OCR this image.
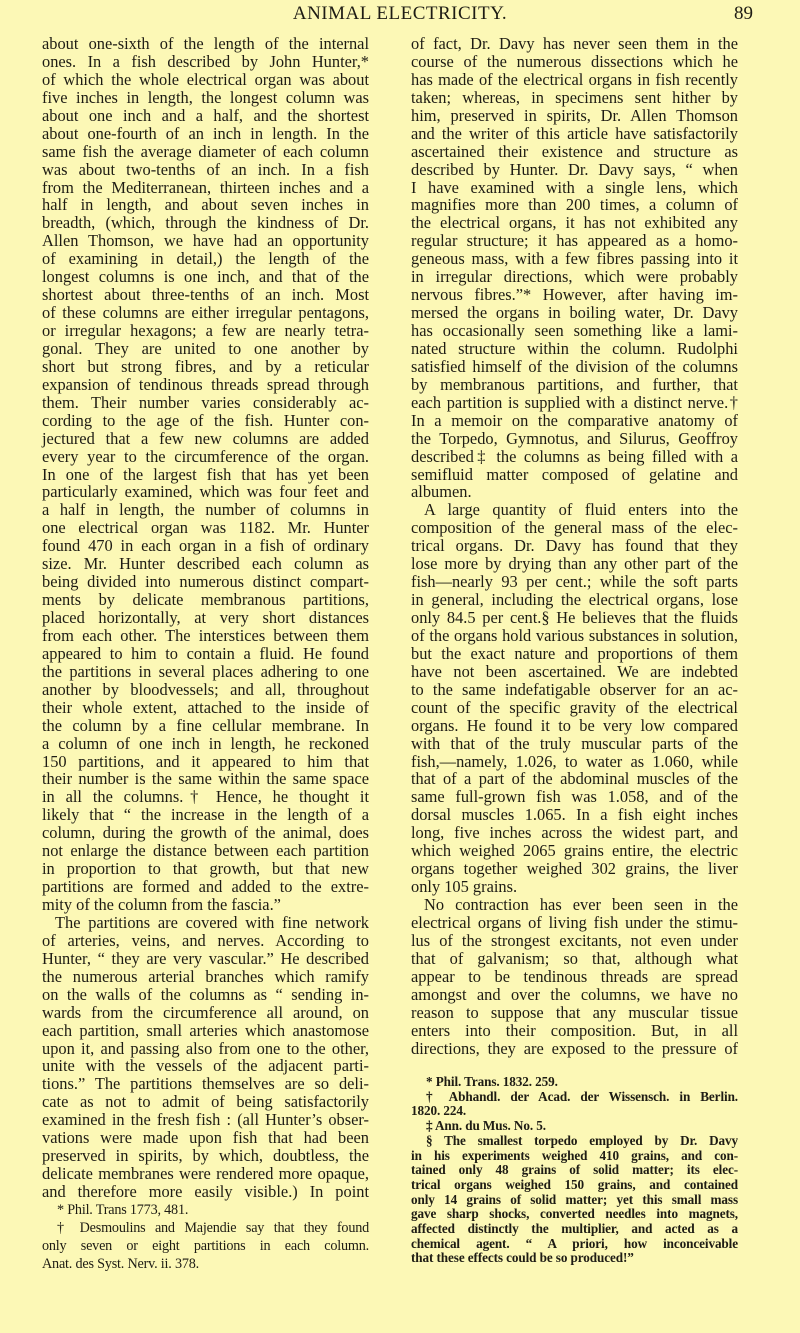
ANIMAL ELECTRICITY.	89
about one-sixth of the length of the internal
ones. In a fish described by John Hunter,*
of which the whole electrical organ was about
five inches in length, the longest column was
about one inch and a half, and the shortest
about one-fourth of an inch in length. In the
same fish the average diameter of each column
was about two-tenths of an inch. In a fish
from the Mediterranean, thirteen inches and a
half in length, and about seven inches in
breadth, (which, through the kindness of Dr.
Allen Thomson, we have had an opportunity
of examining in detail,) the length of the
longest columns is one inch, and that of the
shortest about three-tenths of an inch. Most
of these columns are either irregular pentagons,
or irregular hexagons; a few are nearly tetra-
gonal. They are united to one another by
short but strong fibres, and by a reticular
expansion of tendinous threads spread through
them. Their number varies considerably ac-
cording to the age of the fish. Hunter con-
jectured that a few new columns are added
every year to the circumference of the organ.
In one of the largest fish that has yet been
particularly examined, which was four feet and
a half in length, the number of columns in
one electrical organ was 1182. Mr. Hunter
found 470 in each organ in a fish of ordinary
size. Mr. Hunter described each column as
being divided into numerous distinct compart-
ments by delicate membranous partitions,
placed horizontally, at very short distances
from each other. The interstices between them
appeared to him to contain a fluid. He found
the partitions in several places adhering to one
another by bloodvessels; and all, throughout
their whole extent, attached to the inside of
the column by a fine cellular membrane. In
a column of one inch in length, he reckoned
150 partitions, and it appeared to him that
their number is the same within the same space
in all the columns.† Hence, he thought it
likely that “ the increase in the length of a
column, during the growth of the animal, does
not enlarge the distance between each partition
in proportion to that growth, but that new
partitions are formed and added to the extre-
mity of the column from the fascia.”
The partitions are covered with fine network
of arteries, veins, and nerves. According to
Hunter, “ they are very vascular.” He described
the numerous arterial branches which ramify
on the walls of the columns as “ sending in-
wards from the circumference all around, on
each partition, small arteries which anastomose
upon it, and passing also from one to the other,
unite with the vessels of the adjacent parti-
tions.” The partitions themselves are so deli-
cate as not to admit of being satisfactorily
examined in the fresh fish : (all Hunter’s obser-
vations were made upon fish that had been
preserved in spirits, by which, doubtless, the
delicate membranes were rendered more opaque,
and therefore more easily visible.) In point
of fact, Dr. Davy has never seen them in the
course of the numerous dissections which he
has made of the electrical organs in fish recently
taken; whereas, in specimens sent hither by
him, preserved in spirits, Dr. Allen Thomson
and the writer of this article have satisfactorily
ascertained their existence and structure as
described by Hunter. Dr. Davy says, “ when
I have examined with a single lens, which
magnifies more than 200 times, a column of
the electrical organs, it has not exhibited any
regular structure; it has appeared as a homo-
geneous mass, with a few fibres passing into it
in irregular directions, which were probably
nervous fibres.”* However, after having im-
mersed the organs in boiling water, Dr. Davy
has occasionally seen something like a lami-
nated structure within the column. Rudolphi
satisfied himself of the division of the columns
by membranous partitions, and further, that
each partition is supplied with a distinct nerve.†
In a memoir on the comparative anatomy of
the Torpedo, Gymnotus, and Silurus, Geoffroy
described‡ the columns as being filled with a
semifluid matter composed of gelatine and
albumen.
A large quantity of fluid enters into the
composition of the general mass of the elec-
trical organs. Dr. Davy has found that they
lose more by drying than any other part of the
fish—nearly 93 per cent.; while the soft parts
in general, including the electrical organs, lose
only 84.5 per cent.§ He believes that the fluids
of the organs hold various substances in solution,
but the exact nature and proportions of them
have not been ascertained. We are indebted
to the same indefatigable observer for an ac-
count of the specific gravity of the electrical
organs. He found it to be very low compared
with that of the truly muscular parts of the
fish,—namely, 1.026, to water as 1.060, while
that of a part of the abdominal muscles of the
same full-grown fish was 1.058, and of the
dorsal muscles 1.065. In a fish eight inches
long, five inches across the widest part, and
which weighed 2065 grains entire, the electric
organs together weighed 302 grains, the liver
only 105 grains.
No contraction has ever been seen in the
electrical organs of living fish under the stimu-
lus of the strongest excitants, not even under
that of galvanism; so that, although what
appear to be tendinous threads are spread
amongst and over the columns, we have no
reason to suppose that any muscular tissue
enters into their composition. But, in all
directions, they are exposed to the pressure of
* Phil. Trans 1773, 481.
† Desmoulins and Majendie say that they found
only seven or eight partitions in each column.
Anat. des Syst. Nerv. ii. 378.
* Phil. Trans. 1832. 259.
† Abhandl. der Acad. der Wissensch. in Berlin.
1820. 224.
‡ Ann. du Mus. No. 5.
§ The smallest torpedo employed by Dr. Davy
in his experiments weighed 410 grains, and con-
tained only 48 grains of solid matter; its elec-
trical organs weighed 150 grains, and contained
only 14 grains of solid matter; yet this small mass
gave sharp shocks, converted needles into magnets,
affected distinctly the multiplier, and acted as a
chemical agent. “ A priori, how inconceivable
that these effects could be so produced!”
